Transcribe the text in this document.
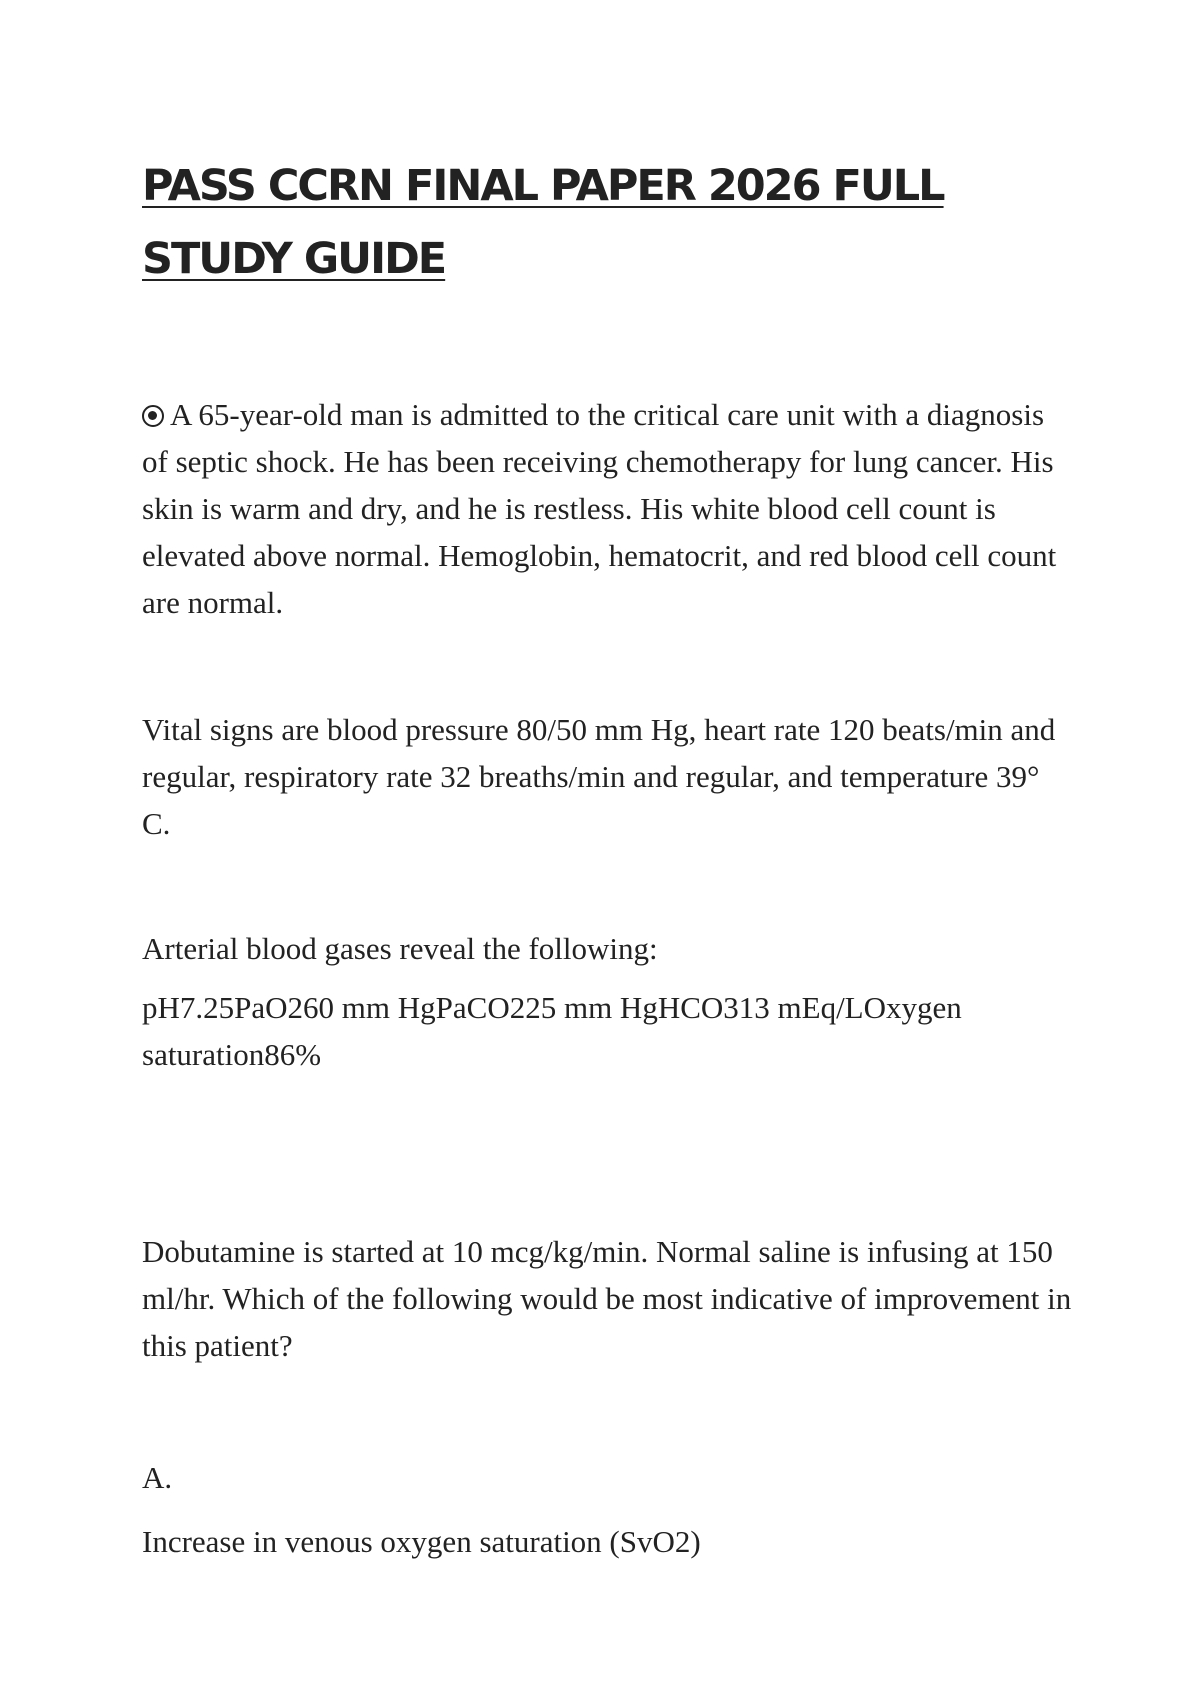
PASS CCRN FINAL PAPER 2026 FULL STUDY GUIDE

A 65-year-old man is admitted to the critical care unit with a diagnosis of septic shock. He has been receiving chemotherapy for lung cancer. His skin is warm and dry, and he is restless. His white blood cell count is elevated above normal. Hemoglobin, hematocrit, and red blood cell count are normal.

Vital signs are blood pressure 80/50 mm Hg, heart rate 120 beats/min and regular, respiratory rate 32 breaths/min and regular, and temperature 39° C.

Arterial blood gases reveal the following:

pH7.25PaO260 mm HgPaCO225 mm HgHCO313 mEq/LOxygen saturation86%

Dobutamine is started at 10 mcg/kg/min. Normal saline is infusing at 150 ml/hr. Which of the following would be most indicative of improvement in this patient?

A.

Increase in venous oxygen saturation (SvO2)
